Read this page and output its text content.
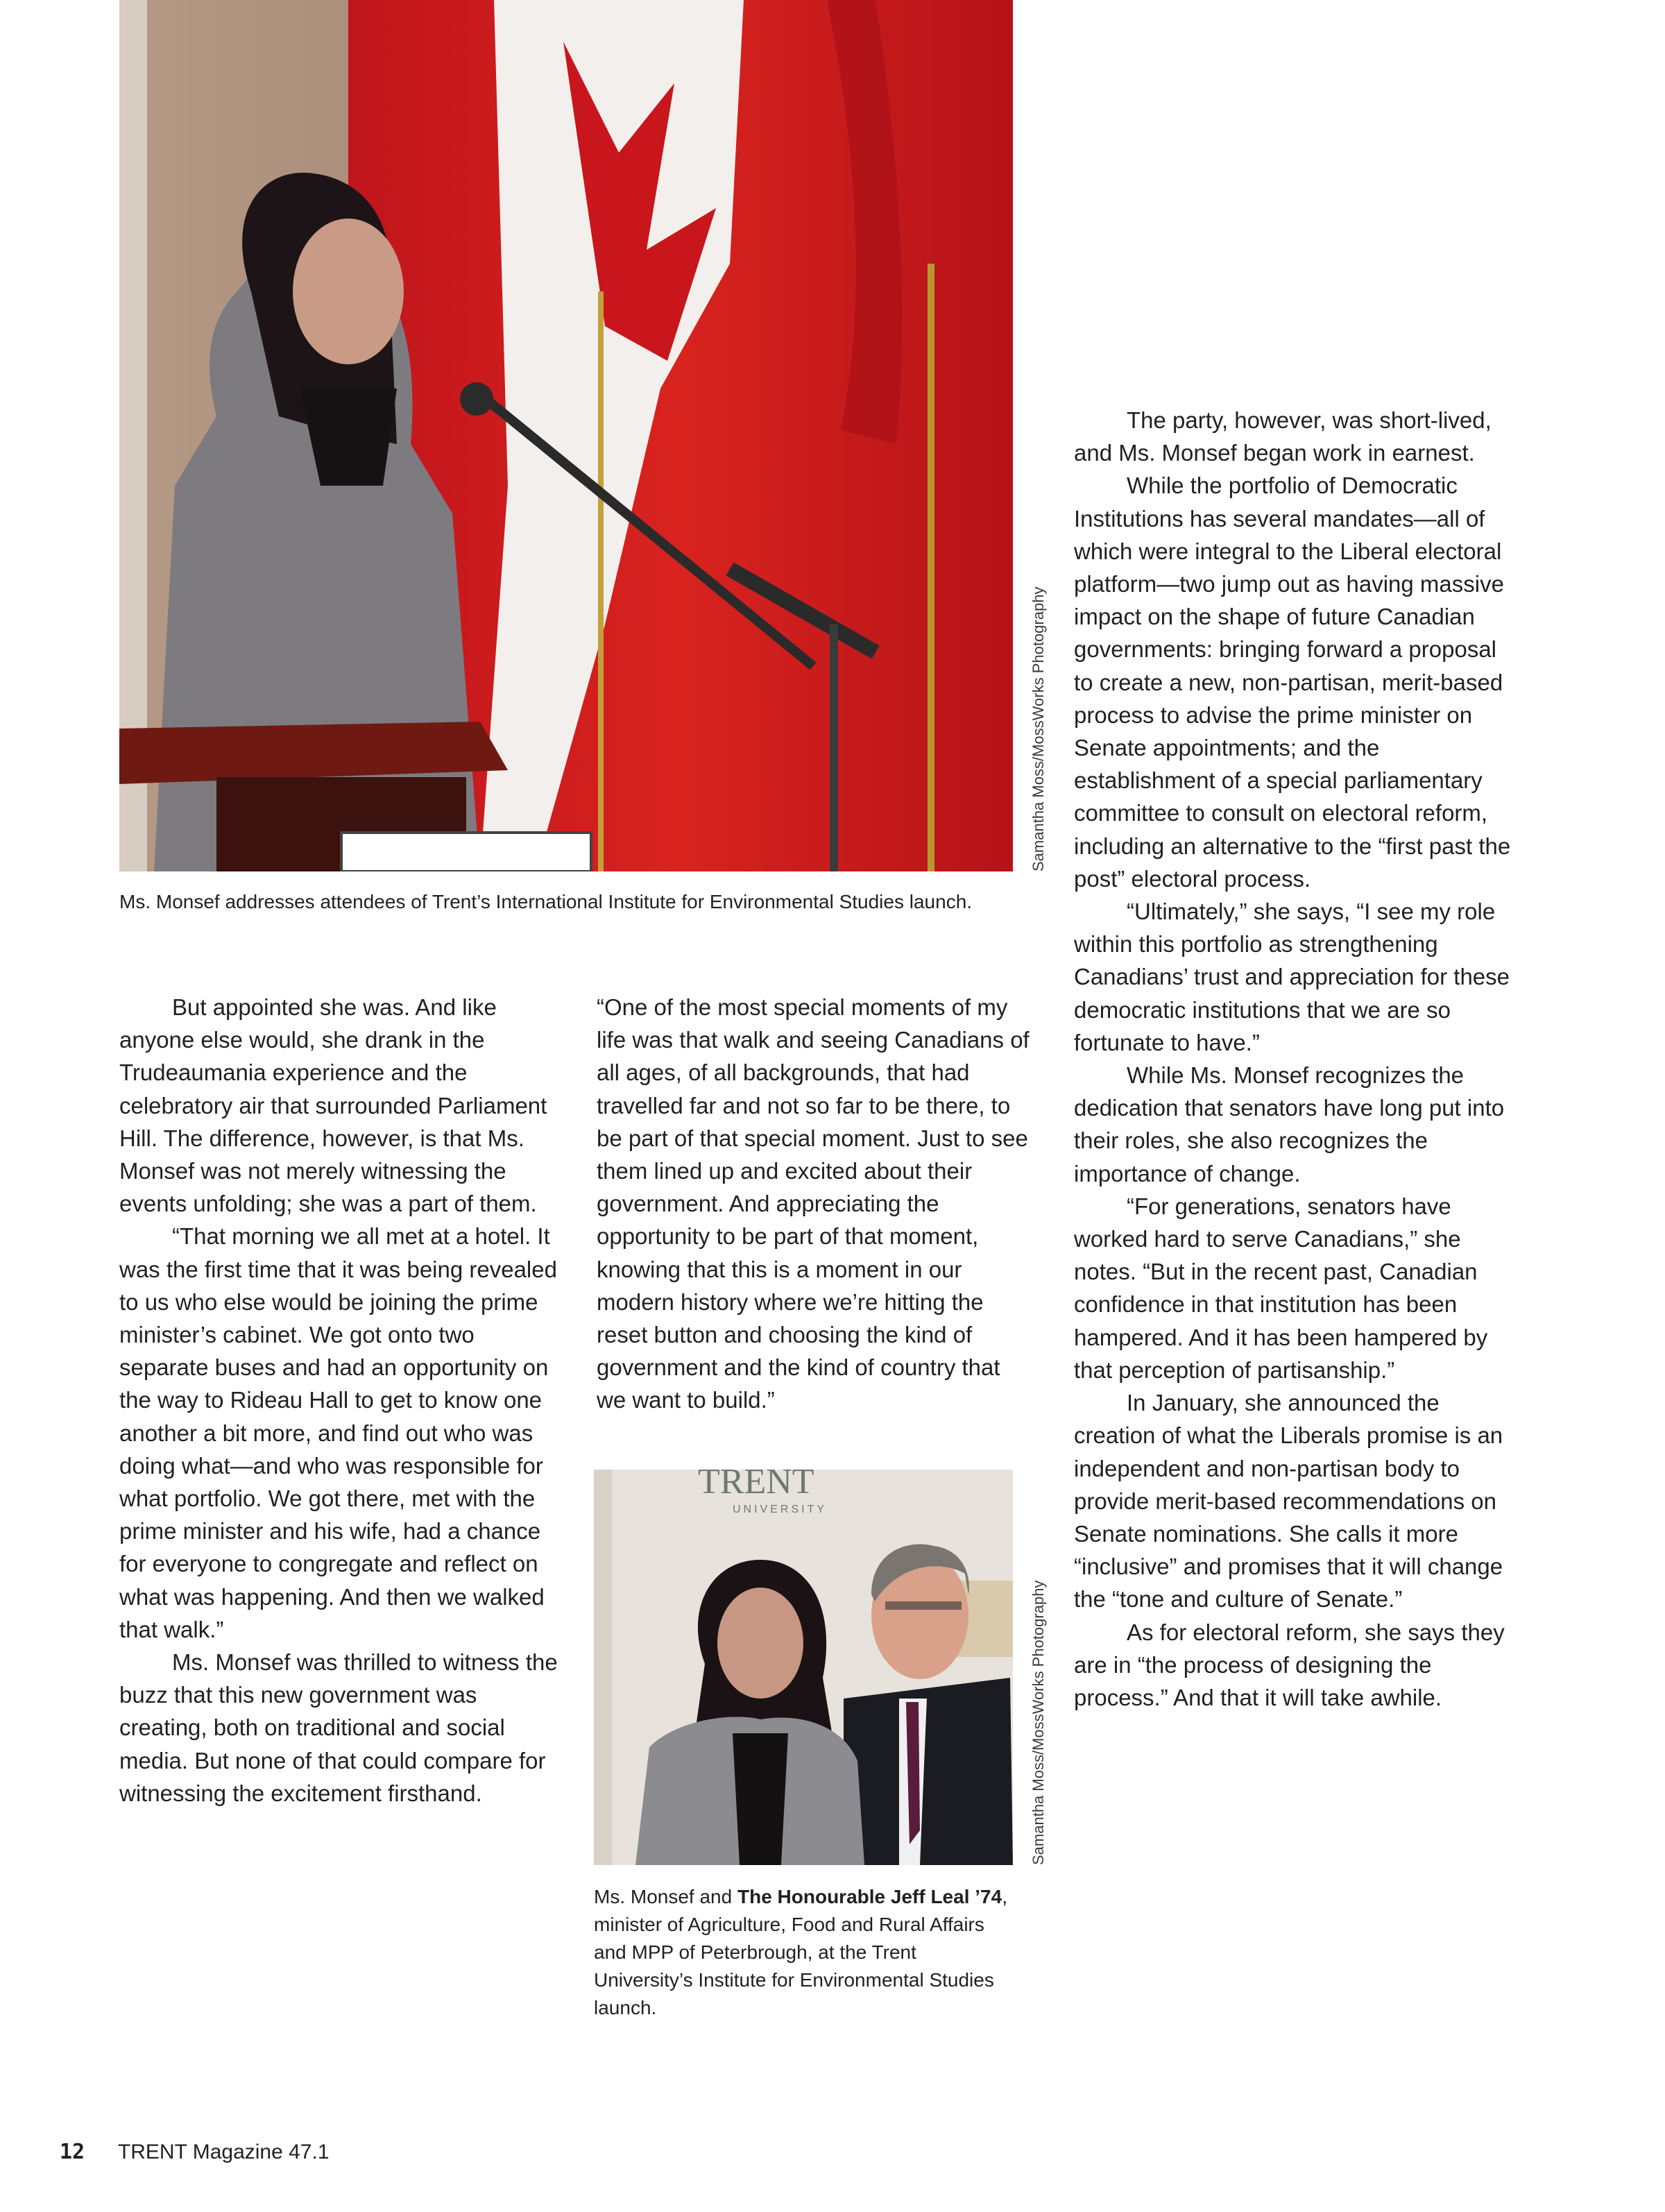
Samantha Moss/MossWorks Photography
Ms. Monsef addresses attendees of Trent’s International Institute for Environmental Studies launch.

But appointed she was. And like anyone else would, she drank in the Trudeaumania experience and the celebratory air that surrounded Parliament Hill. The difference, however, is that Ms. Monsef was not merely witnessing the events unfolding; she was a part of them.

“That morning we all met at a hotel. It was the first time that it was being revealed to us who else would be joining the prime minister’s cabinet. We got onto two separate buses and had an opportunity on the way to Rideau Hall to get to know one another a bit more, and find out who was doing what—and who was responsible for what portfolio. We got there, met with the prime minister and his wife, had a chance for everyone to congregate and reflect on what was happening. And then we walked that walk.”

Ms. Monsef was thrilled to witness the buzz that this new government was creating, both on traditional and social media. But none of that could compare for witnessing the excitement firsthand.

“One of the most special moments of my life was that walk and seeing Canadians of all ages, of all backgrounds, that had travelled far and not so far to be there, to be part of that special moment. Just to see them lined up and excited about their government. And appreciating the opportunity to be part of that moment, knowing that this is a moment in our modern history where we’re hitting the reset button and choosing the kind of government and the kind of country that we want to build.”

TRENT
UNIVERSITY
Samantha Moss/MossWorks Photography
Ms. Monsef and The Honourable Jeff Leal ’74, minister of Agriculture, Food and Rural Affairs and MPP of Peterbrough, at the Trent University’s Institute for Environmental Studies launch.

The party, however, was short-lived, and Ms. Monsef began work in earnest.

While the portfolio of Democratic Institutions has several mandates—all of which were integral to the Liberal electoral platform—two jump out as having massive impact on the shape of future Canadian governments: bringing forward a proposal to create a new, non-partisan, merit-based process to advise the prime minister on Senate appointments; and the establishment of a special parliamentary committee to consult on electoral reform, including an alternative to the “first past the post” electoral process.

“Ultimately,” she says, “I see my role within this portfolio as strengthening Canadians’ trust and appreciation for these democratic institutions that we are so fortunate to have.”

While Ms. Monsef recognizes the dedication that senators have long put into their roles, she also recognizes the importance of change.

“For generations, senators have worked hard to serve Canadians,” she notes. “But in the recent past, Canadian confidence in that institution has been hampered. And it has been hampered by that perception of partisanship.”

In January, she announced the creation of what the Liberals promise is an independent and non-partisan body to provide merit-based recommendations on Senate nominations. She calls it more “inclusive” and promises that it will change the “tone and culture of Senate.”

As for electoral reform, she says they are in “the process of designing the process.” And that it will take awhile.

12 TRENT Magazine 47.1
